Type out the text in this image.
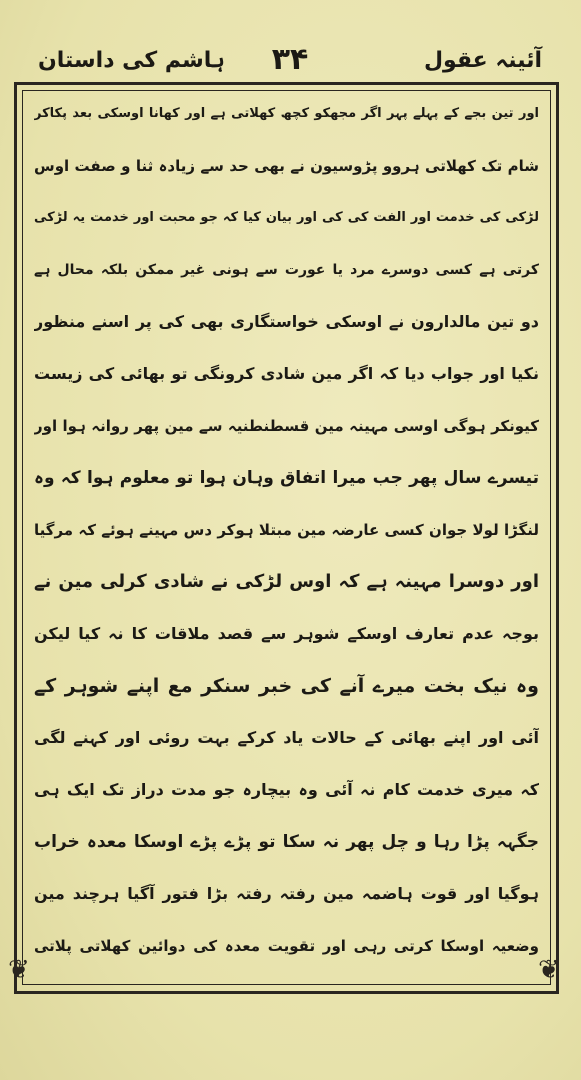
آئینہ عقول
۳۴
ہاشم کی داستان
❦	❦
اور تین بجے کے پہلے پہر اگر مجھکو کچھ کھلاتی ہے اور کھانا اوسکی بعد پکاکر
شام تک کھلاتی ہروو پڑوسیون نے بھی حد سے زیادہ ثنا و صفت اوس
لڑکی کی خدمت اور الفت کی کی اور بیان کیا کہ جو محبت اور خدمت یہ لڑکی
کرتی ہے کسی دوسرے مرد یا عورت سے ہونی غیر ممکن بلکہ محال ہے
دو تین مالدارون نے اوسکی خواستگاری بھی کی پر اسنے منظور
نکیا اور جواب دیا کہ اگر مین شادی کرونگی تو بھائی کی زیست
کیونکر ہوگی اوسی مہینہ مین قسطنطنیہ سے مین پھر روانہ ہوا اور
تیسرے سال پھر جب میرا اتفاق وہان ہوا تو معلوم ہوا کہ وہ
لنگڑا لولا جوان کسی عارضہ مین مبتلا ہوکر دس مہینے ہوئے کہ مرگیا
اور دوسرا مہینہ ہے کہ اوس لڑکی نے شادی کرلی مین نے
بوجہ عدم تعارف اوسکے شوہر سے قصد ملاقات کا نہ کیا لیکن
وہ نیک بخت میرے آنے کی خبر سنکر مع اپنے شوہر کے
آئی اور اپنے بھائی کے حالات یاد کرکے بہت روئی اور کہنے لگی
کہ میری خدمت کام نہ آئی وہ بیچارہ جو مدت دراز تک ایک ہی
جگہہ پڑا رہا و چل پھر نہ سکا تو پڑے پڑے اوسکا معدہ خراب
ہوگیا اور قوت ہاضمہ مین رفتہ رفتہ بڑا فتور آگیا ہرچند مین
وضعیہ اوسکا کرتی رہی اور تقویت معدہ کی دوائین کھلاتی پلاتی
